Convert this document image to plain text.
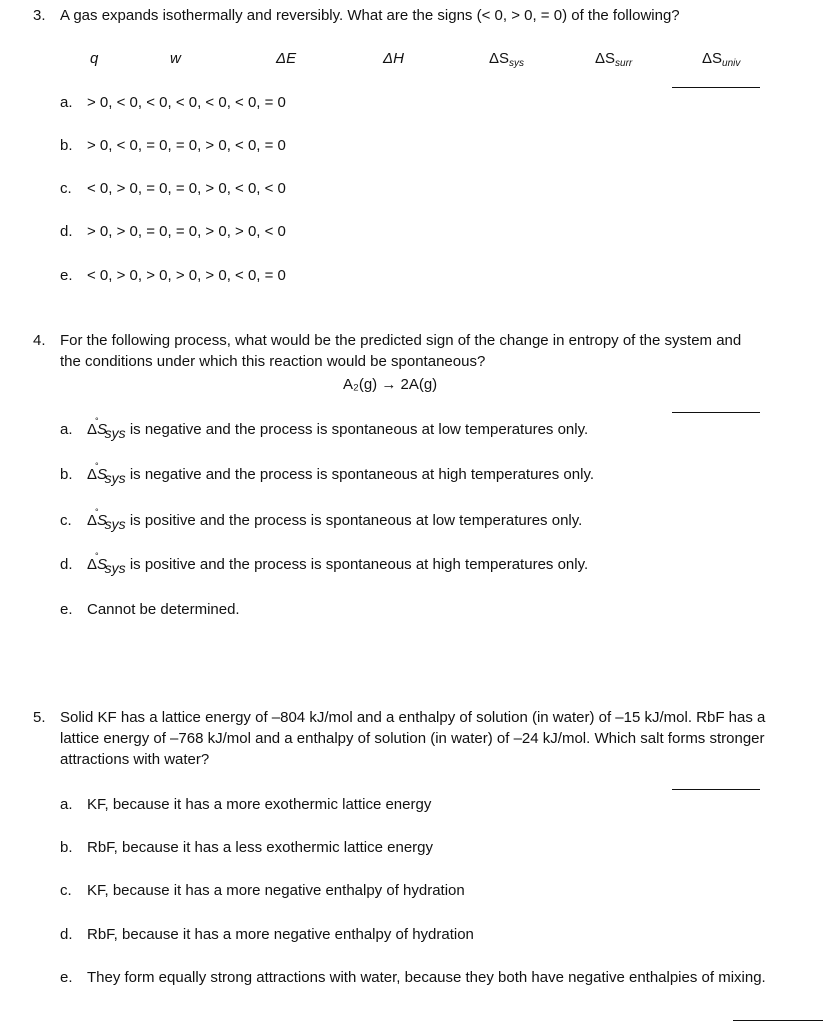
3. A gas expands isothermally and reversibly. What are the signs (< 0, > 0, = 0) of the following?
q	w	ΔE	ΔH	$\Delta S_{sys}$	$\Delta S_{surr}$	$\Delta S_{univ}$
a. > 0, < 0, < 0, < 0, < 0, < 0, = 0
b. > 0, < 0, = 0, = 0, > 0, < 0, = 0
c. < 0, > 0, = 0, = 0, > 0, < 0, < 0
d. > 0, > 0, = 0, = 0, > 0, > 0, < 0
e. < 0, > 0, > 0, > 0, > 0, < 0, = 0
4. For the following process, what would be the predicted sign of the change in entropy of the system and the conditions under which this reaction would be spontaneous?
A₂(g) → 2A(g)
a. ΔS°sys is negative and the process is spontaneous at low temperatures only.
b. ΔS°sys is negative and the process is spontaneous at high temperatures only.
c. ΔS°sys is positive and the process is spontaneous at low temperatures only.
d. ΔS°sys is positive and the process is spontaneous at high temperatures only.
e. Cannot be determined.
5. Solid KF has a lattice energy of –804 kJ/mol and a enthalpy of solution (in water) of –15 kJ/mol. RbF has a lattice energy of –768 kJ/mol and a enthalpy of solution (in water) of –24 kJ/mol. Which salt forms stronger attractions with water?
a. KF, because it has a more exothermic lattice energy
b. RbF, because it has a less exothermic lattice energy
c. KF, because it has a more negative enthalpy of hydration
d. RbF, because it has a more negative enthalpy of hydration
e. They form equally strong attractions with water, because they both have negative enthalpies of mixing.
